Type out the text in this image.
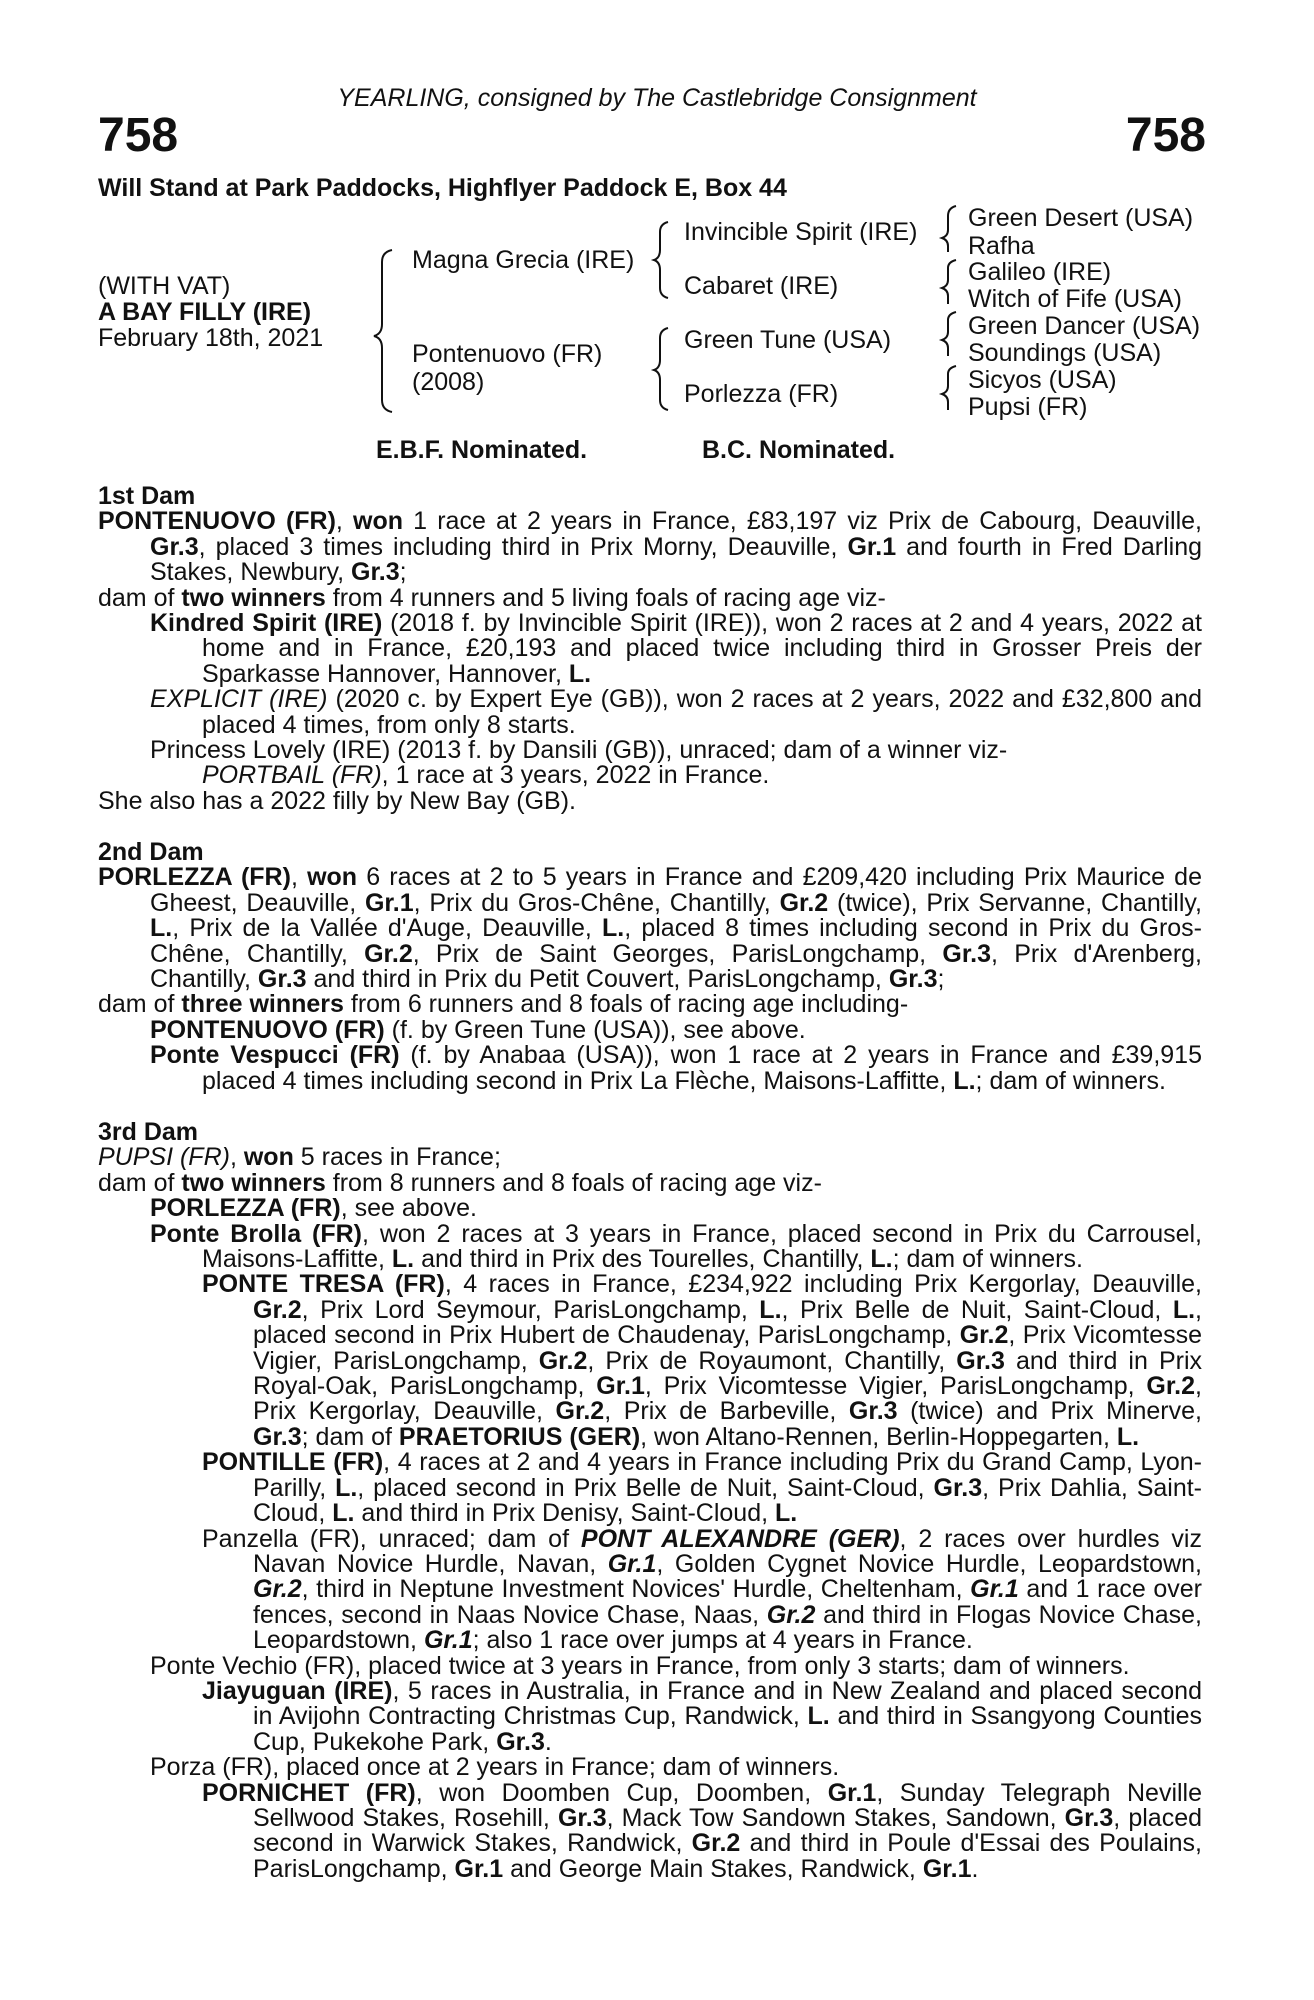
758	758
YEARLING, consigned by The Castlebridge Consignment
Will Stand at Park Paddocks, Highflyer Paddock E, Box 44
(WITH VAT)
A BAY FILLY (IRE)
February 18th, 2021
Magna Grecia (IRE)
Pontenuovo (FR)
(2008)
Invincible Spirit (IRE)
Cabaret (IRE)
Green Tune (USA)
Porlezza (FR)
Green Desert (USA)
Rafha
Galileo (IRE)
Witch of Fife (USA)
Green Dancer (USA)
Soundings (USA)
Sicyos (USA)
Pupsi (FR)
E.B.F. Nominated.	B.C. Nominated.

1st Dam

PONTENUOVO (FR), won 1 race at 2 years in France, £83,197 viz Prix de Cabourg, Deauville, Gr.3, placed 3 times including third in Prix Morny, Deauville, Gr.1 and fourth in Fred Darling Stakes, Newbury, Gr.3;

dam of two winners from 4 runners and 5 living foals of racing age viz-

Kindred Spirit (IRE) (2018 f. by Invincible Spirit (IRE)), won 2 races at 2 and 4 years, 2022 at home and in France, £20,193 and placed twice including third in Grosser Preis der Sparkasse Hannover, Hannover, L.

EXPLICIT (IRE) (2020 c. by Expert Eye (GB)), won 2 races at 2 years, 2022 and £32,800 and placed 4 times, from only 8 starts.

Princess Lovely (IRE) (2013 f. by Dansili (GB)), unraced; dam of a winner viz-

PORTBAIL (FR), 1 race at 3 years, 2022 in France.

She also has a 2022 filly by New Bay (GB).

2nd Dam

PORLEZZA (FR), won 6 races at 2 to 5 years in France and £209,420 including Prix Maurice de Gheest, Deauville, Gr.1, Prix du Gros-Chêne, Chantilly, Gr.2 (twice), Prix Servanne, Chantilly, L., Prix de la Vallée d'Auge, Deauville, L., placed 8 times including second in Prix du Gros-Chêne, Chantilly, Gr.2, Prix de Saint Georges, ParisLongchamp, Gr.3, Prix d'Arenberg, Chantilly, Gr.3 and third in Prix du Petit Couvert, ParisLongchamp, Gr.3;

dam of three winners from 6 runners and 8 foals of racing age including-

PONTENUOVO (FR) (f. by Green Tune (USA)), see above.

Ponte Vespucci (FR) (f. by Anabaa (USA)), won 1 race at 2 years in France and £39,915 placed 4 times including second in Prix La Flèche, Maisons-Laffitte, L.; dam of winners.

3rd Dam

PUPSI (FR), won 5 races in France;

dam of two winners from 8 runners and 8 foals of racing age viz-

PORLEZZA (FR), see above.

Ponte Brolla (FR), won 2 races at 3 years in France, placed second in Prix du Carrousel, Maisons-Laffitte, L. and third in Prix des Tourelles, Chantilly, L.; dam of winners.

PONTE TRESA (FR), 4 races in France, £234,922 including Prix Kergorlay, Deauville, Gr.2, Prix Lord Seymour, ParisLongchamp, L., Prix Belle de Nuit, Saint-Cloud, L., placed second in Prix Hubert de Chaudenay, ParisLongchamp, Gr.2, Prix Vicomtesse Vigier, ParisLongchamp, Gr.2, Prix de Royaumont, Chantilly, Gr.3 and third in Prix Royal-Oak, ParisLongchamp, Gr.1, Prix Vicomtesse Vigier, ParisLongchamp, Gr.2, Prix Kergorlay, Deauville, Gr.2, Prix de Barbeville, Gr.3 (twice) and Prix Minerve, Gr.3; dam of PRAETORIUS (GER), won Altano-Rennen, Berlin-Hoppegarten, L.

PONTILLE (FR), 4 races at 2 and 4 years in France including Prix du Grand Camp, Lyon-Parilly, L., placed second in Prix Belle de Nuit, Saint-Cloud, Gr.3, Prix Dahlia, Saint-Cloud, L. and third in Prix Denisy, Saint-Cloud, L.

Panzella (FR), unraced; dam of PONT ALEXANDRE (GER), 2 races over hurdles viz Navan Novice Hurdle, Navan, Gr.1, Golden Cygnet Novice Hurdle, Leopardstown, Gr.2, third in Neptune Investment Novices' Hurdle, Cheltenham, Gr.1 and 1 race over fences, second in Naas Novice Chase, Naas, Gr.2 and third in Flogas Novice Chase, Leopardstown, Gr.1; also 1 race over jumps at 4 years in France.

Ponte Vechio (FR), placed twice at 3 years in France, from only 3 starts; dam of winners.

Jiayuguan (IRE), 5 races in Australia, in France and in New Zealand and placed second in Avijohn Contracting Christmas Cup, Randwick, L. and third in Ssangyong Counties Cup, Pukekohe Park, Gr.3.

Porza (FR), placed once at 2 years in France; dam of winners.

PORNICHET (FR), won Doomben Cup, Doomben, Gr.1, Sunday Telegraph Neville Sellwood Stakes, Rosehill, Gr.3, Mack Tow Sandown Stakes, Sandown, Gr.3, placed second in Warwick Stakes, Randwick, Gr.2 and third in Poule d'Essai des Poulains, ParisLongchamp, Gr.1 and George Main Stakes, Randwick, Gr.1.
